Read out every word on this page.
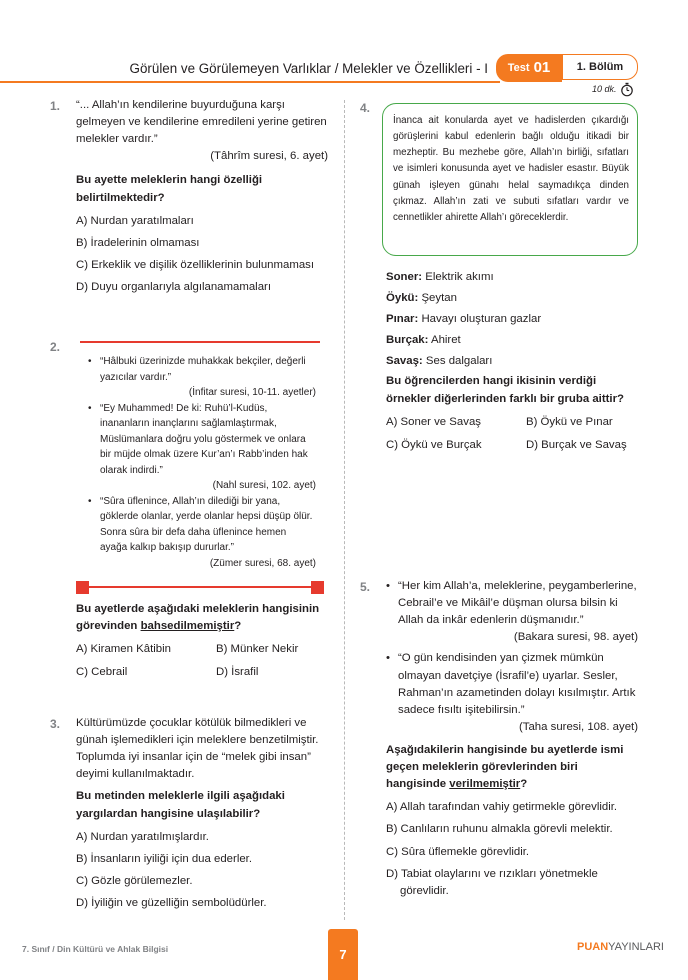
Görülen ve Görülemeyen Varlıklar / Melekler ve Özellikleri - I Test 01	1. Bölüm
10 dk.
1. “... Allah’ın kendilerine buyurduğuna karşı gelmeyen ve kendilerine emredileni yerine getiren melekler vardır.”

(Tâhrîm suresi, 6. ayet)

Bu ayette meleklerin hangi özelliği belirtilmektedir?

A) Nurdan yaratılmaları
B) İradelerinin olmaması
C) Erkeklik ve dişilik özelliklerinin bulunmaması
D) Duyu organlarıyla algılanamamaları
2.
• “Hâlbuki üzerinizde muhakkak bekçiler, değerli yazıcılar vardır.”
(İnfitar suresi, 10-11. ayetler)
• “Ey Muhammed! De ki: Ruhü’l-Kudüs, inananların inançlarını sağlamlaştırmak, Müslümanlara doğru yolu göstermek ve onlara bir müjde olmak üzere Kur’an’ı Rabb’inden hak olarak indirdi.”
(Nahl suresi, 102. ayet)
• “Sûra üflenince, Allah’ın dilediği bir yana, göklerde olanlar, yerde olanlar hepsi düşüp ölür. Sonra sûra bir defa daha üflenince hemen ayağa kalkıp bakışıp dururlar.”
(Zümer suresi, 68. ayet)

Bu ayetlerde aşağıdaki meleklerin hangisinin görevinden bahsedilmemiştir?

A) Kiramen Kâtibin	B) Münker Nekir
C) Cebrail	D) İsrafil
3. Kültürümüzde çocuklar kötülük bilmedikleri ve günah işlemedikleri için meleklere benzetilmiştir. Toplumda iyi insanlar için de “melek gibi insan” deyimi kullanılmaktadır.

Bu metinden meleklerle ilgili aşağıdaki yargılardan hangisine ulaşılabilir?

A) Nurdan yaratılmışlardır.
B) İnsanların iyiliği için dua ederler.
C) Gözle görülemezler.
D) İyiliğin ve güzelliğin sembolüdürler.
4.
İnanca ait konularda ayet ve hadislerden çıkardığı görüşlerini kabul edenlerin bağlı olduğu itikadi bir mezheptir. Bu mezhebe göre, Allah’ın birliği, sıfatları ve isimleri konusunda ayet ve hadisler esastır. Büyük günah işleyen günahı helal saymadıkça dinden çıkmaz. Allah’ın zati ve subuti sıfatları vardır ve cennetlikler ahirette Allah’ı göreceklerdir.
Soner: Elektrik akımı
Öykü: Şeytan
Pınar: Havayı oluşturan gazlar
Burçak: Ahiret
Savaş: Ses dalgaları

Bu öğrencilerden hangi ikisinin verdiği örnekler diğerlerinden farklı bir gruba aittir?

A) Soner ve Savaş	B) Öykü ve Pınar
C) Öykü ve Burçak	D) Burçak ve Savaş
5.
•	“Her kim Allah’a, meleklerine, peygamberlerine, Cebrail’e ve Mikâil’e düşman olursa bilsin ki Allah da inkâr edenlerin düşmanıdır.”
(Bakara suresi, 98. ayet)
• “O gün kendisinden yan çizmek mümkün olmayan davetçiye (İsrafil’e) uyarlar. Sesler, Rahman’ın azametinden dolayı kısılmıştır. Artık sadece fısıltı işitebilirsin.”
(Taha suresi, 108. ayet)

Aşağıdakilerin hangisinde bu ayetlerde ismi geçen meleklerin görevlerinden biri hangisinde verilmemiştir?

A) Allah tarafından vahiy getirmekle görevlidir.
B) Canlıların ruhunu almakla görevli melektir.
C) Sûra üflemekle görevlidir.
D) Tabiat olaylarını ve rızıkları yönetmekle görevlidir.
7. Sınıf / Din Kültürü ve Ahlak Bilgisi	7	PUANYAYINLARI
